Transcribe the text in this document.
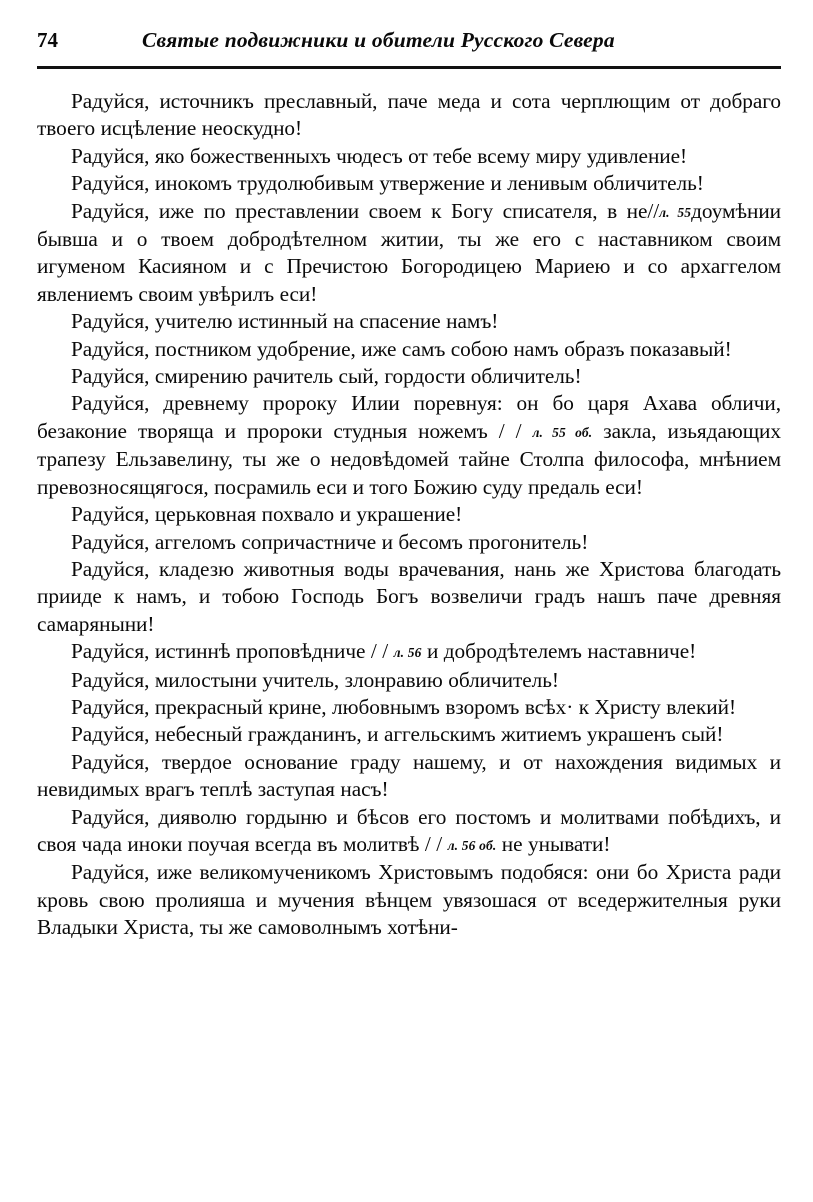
74	Святые подвижники и обители Русского Севера

Радуйся, источникъ преславный, паче меда и сота черплющим от добраго твоего исцѣление неоскудно!

Радуйся, яко божественныхъ чюдесъ от тебе всему миру удивление!

Радуйся, инокомъ трудолюбивым утвержение и ленивым обличитель!

Радуйся, иже по преставлении своем к Богу списателя, в не//л. 55доумѣнии бывша и о твоем добродѣтелном житии, ты же его с наставником своим игуменом Касияном и с Пречистою Богородицею Мариею и со архаггелом явлениемъ своим увѣрилъ еси!

Радуйся, учителю истинный на спасение намъ!

Радуйся, постником удобрение, иже самъ собою намъ образъ показавый!

Радуйся, смирению рачитель сый, гордости обличитель!

Радуйся, древнему пророку Илии поревнуя: он бо царя Ахава обличи, безаконие творяща и пророки студныя ножемъ / / л. 55 об. закла, изьядающих трапезу Ельзавелину, ты же о недовѣдомей тайне Столпа философа, мнѣнием превозносящягося, посрамиль еси и того Божию суду предаль еси!

Радуйся, церьковная похвало и украшение!

Радуйся, аггеломъ сопричастниче и бесомъ прогонитель!

Радуйся, кладезю животныя воды врачевания, нань же Христова благодать прииде к намъ, и тобою Господь Богъ возвеличи градъ нашъ паче древняя самаряныни!

Радуйся, истиннѣ проповѣдниче / / л. 56 и добродѣтелемъ наставниче!

Радуйся, милостыни учитель, злонравию обличитель!

Радуйся, прекрасный крине, любовнымъ взоромъ всѣх· к Христу влекий!

Радуйся, небесный гражданинъ, и аггельскимъ житиемъ украшенъ сый!

Радуйся, твердое основание граду нашему, и от нахождения видимых и невидимых врагъ теплѣ заступая насъ!

Радуйся, дияволю гордыню и бѣсов его постомъ и молитвами побѣдихъ, и своя чада иноки поучая всегда въ молитвѣ / / л. 56 об. не унывати!

Радуйся, иже великомученикомъ Христовымъ подобяся: они бо Христа ради кровь свою пролияша и мучения вѣнцем увязошася от вседержителныя руки Владыки Христа, ты же самоволнымъ хотѣни-
